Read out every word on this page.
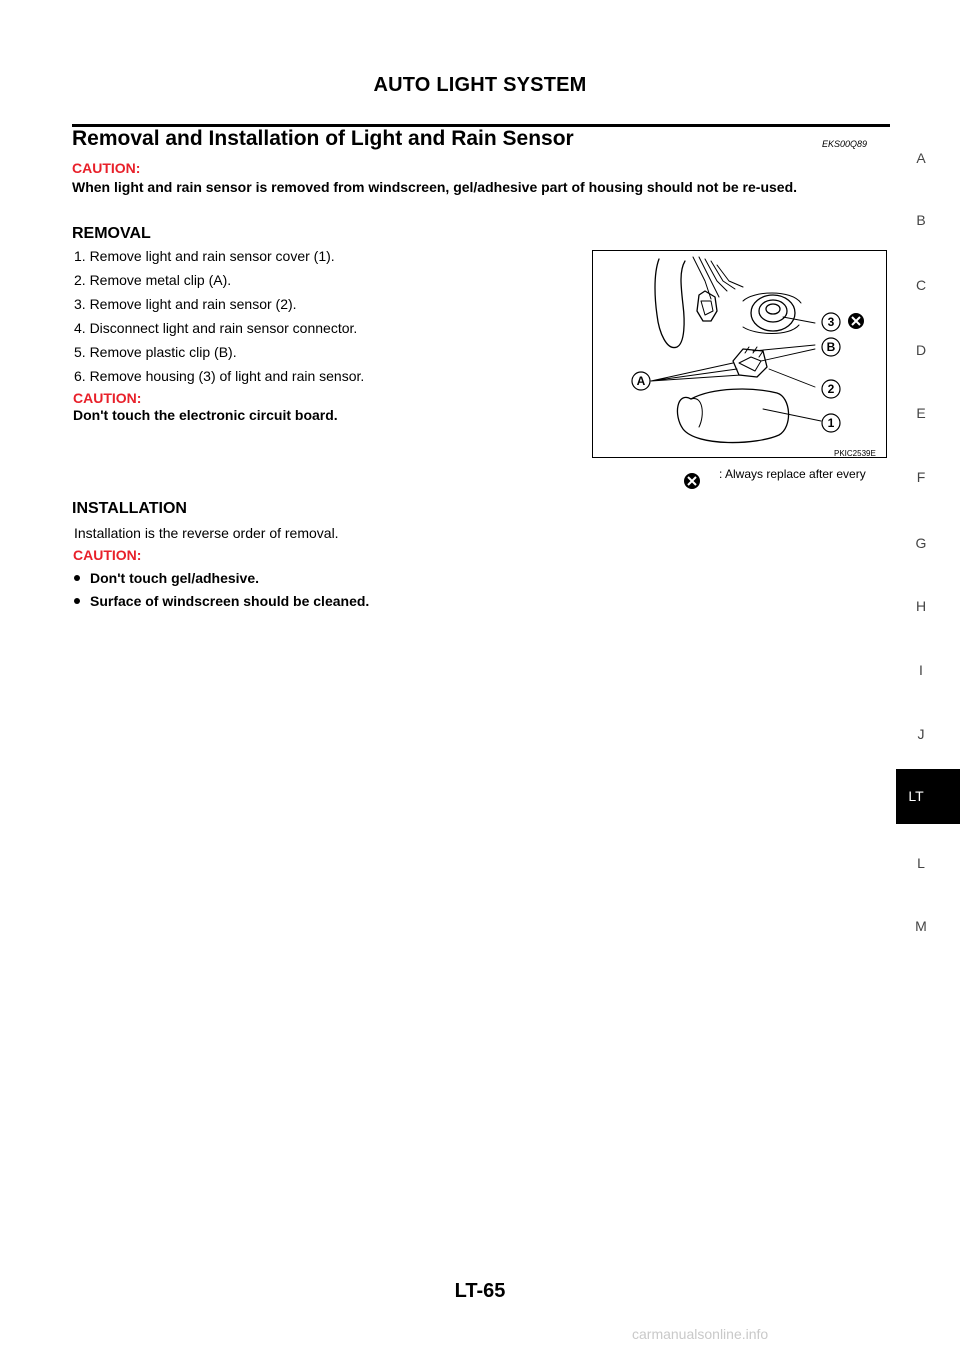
AUTO LIGHT SYSTEM
Removal and Installation of Light and Rain Sensor	EKS00Q89
CAUTION:
When light and rain sensor is removed from windscreen, gel/adhesive part of housing should not be re-used.
REMOVAL
1. Remove light and rain sensor cover (1).
2. Remove metal clip (A).
3. Remove light and rain sensor (2).
4. Disconnect light and rain sensor connector.
5. Remove plastic clip (B).
6. Remove housing (3) of light and rain sensor.
CAUTION:
Don't touch the electronic circuit board.
3
B
A
2
1
PKIC2539E
: Always replace after every
INSTALLATION
Installation is the reverse order of removal.
CAUTION:
Don't touch gel/adhesive.
Surface of windscreen should be cleaned.
A
B
C
D
E
F
G
H
I
J
LT
L
M
LT-65
carmanualsonline.info
